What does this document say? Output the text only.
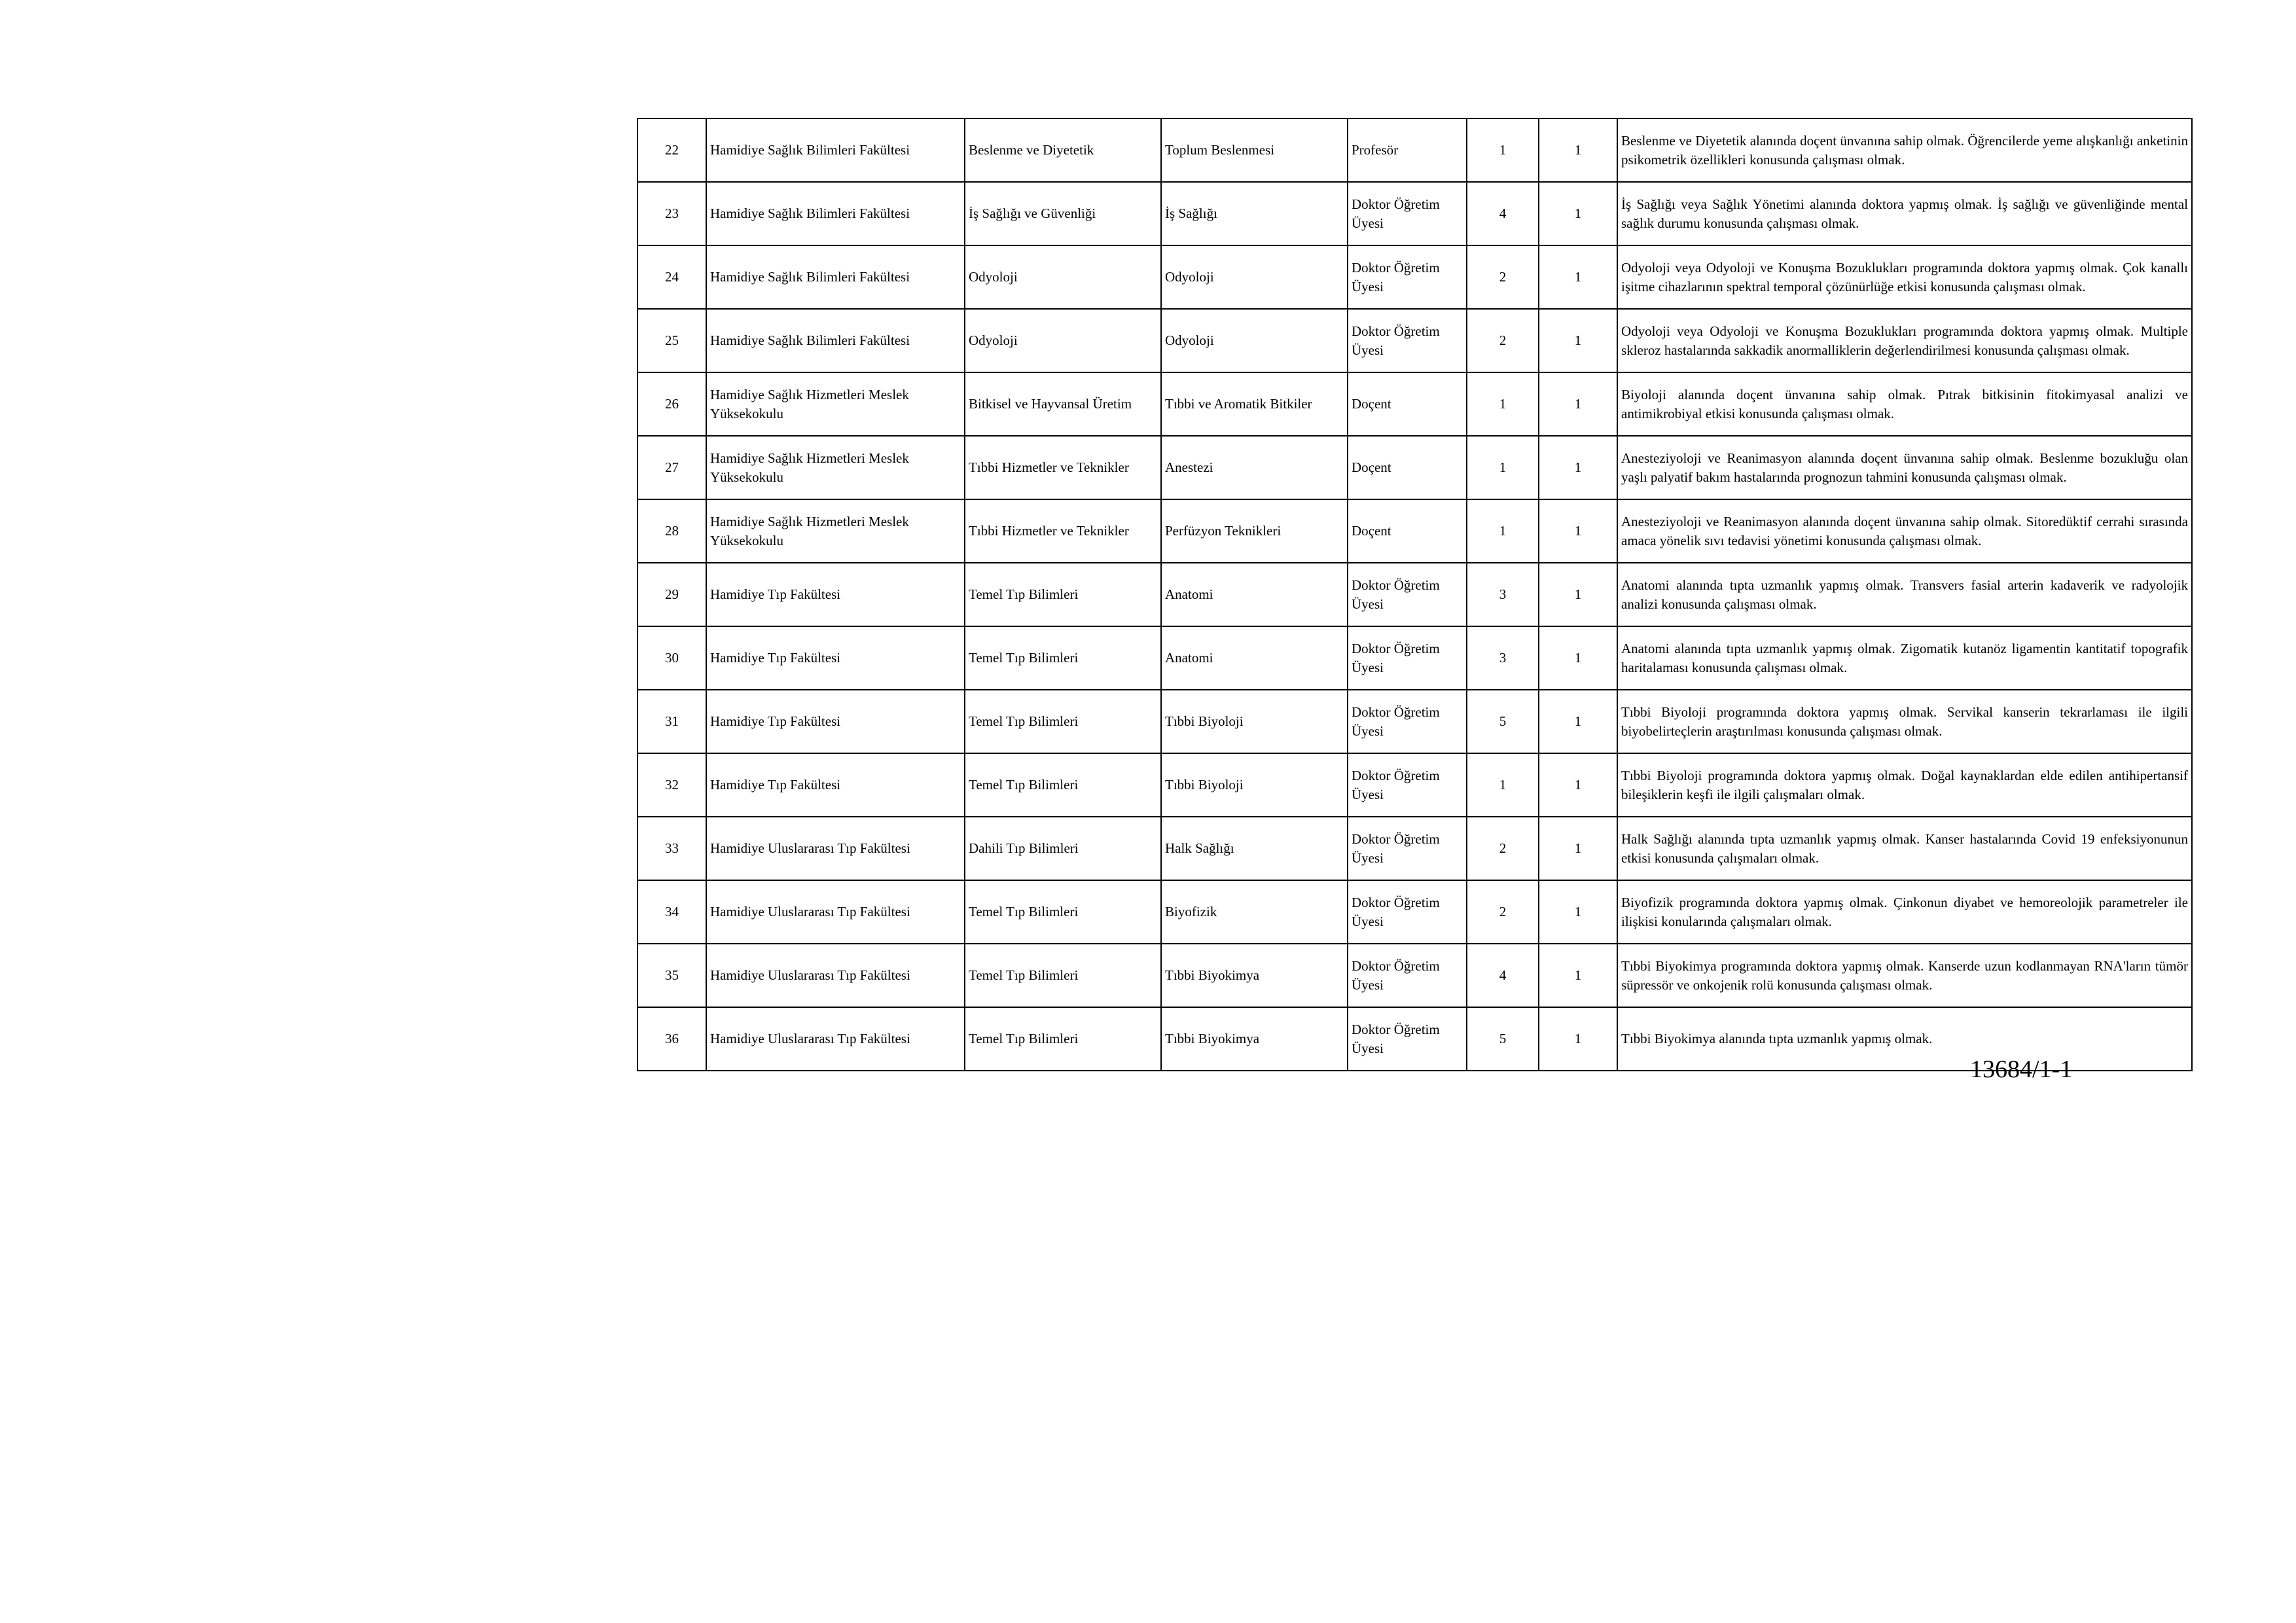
22	Hamidiye Sağlık Bilimleri Fakültesi	Beslenme ve Diyetetik	Toplum Beslenmesi	Profesör	1	1	Beslenme ve Diyetetik alanında doçent ünvanına sahip olmak. Öğrencilerde yeme alışkanlığı anketinin psikometrik özellikleri konusunda çalışması olmak.
23	Hamidiye Sağlık Bilimleri Fakültesi	İş Sağlığı ve Güvenliği	İş Sağlığı	Doktor Öğretim Üyesi	4	1	İş Sağlığı veya Sağlık Yönetimi alanında doktora yapmış olmak. İş sağlığı ve güvenliğinde mental sağlık durumu konusunda çalışması olmak.
24	Hamidiye Sağlık Bilimleri Fakültesi	Odyoloji	Odyoloji	Doktor Öğretim Üyesi	2	1	Odyoloji veya Odyoloji ve Konuşma Bozuklukları programında doktora yapmış olmak. Çok kanallı işitme cihazlarının spektral temporal çözünürlüğe etkisi konusunda çalışması olmak.
25	Hamidiye Sağlık Bilimleri Fakültesi	Odyoloji	Odyoloji	Doktor Öğretim Üyesi	2	1	Odyoloji veya Odyoloji ve Konuşma Bozuklukları programında doktora yapmış olmak. Multiple skleroz hastalarında sakkadik anormalliklerin değerlendirilmesi konusunda çalışması olmak.
26	Hamidiye Sağlık Hizmetleri Meslek Yüksekokulu	Bitkisel ve Hayvansal Üretim	Tıbbi ve Aromatik Bitkiler	Doçent	1	1	Biyoloji alanında doçent ünvanına sahip olmak. Pıtrak bitkisinin fitokimyasal analizi ve antimikrobiyal etkisi konusunda çalışması olmak.
27	Hamidiye Sağlık Hizmetleri Meslek Yüksekokulu	Tıbbi Hizmetler ve Teknikler	Anestezi	Doçent	1	1	Anesteziyoloji ve Reanimasyon alanında doçent ünvanına sahip olmak. Beslenme bozukluğu olan yaşlı palyatif bakım hastalarında prognozun tahmini konusunda çalışması olmak.
28	Hamidiye Sağlık Hizmetleri Meslek Yüksekokulu	Tıbbi Hizmetler ve Teknikler	Perfüzyon Teknikleri	Doçent	1	1	Anesteziyoloji ve Reanimasyon alanında doçent ünvanına sahip olmak. Sitoredüktif cerrahi sırasında amaca yönelik sıvı tedavisi yönetimi konusunda çalışması olmak.
29	Hamidiye Tıp Fakültesi	Temel Tıp Bilimleri	Anatomi	Doktor Öğretim Üyesi	3	1	Anatomi alanında tıpta uzmanlık yapmış olmak. Transvers fasial arterin kadaverik ve radyolojik analizi konusunda çalışması olmak.
30	Hamidiye Tıp Fakültesi	Temel Tıp Bilimleri	Anatomi	Doktor Öğretim Üyesi	3	1	Anatomi alanında tıpta uzmanlık yapmış olmak. Zigomatik kutanöz ligamentin kantitatif topografik haritalaması konusunda çalışması olmak.
31	Hamidiye Tıp Fakültesi	Temel Tıp Bilimleri	Tıbbi Biyoloji	Doktor Öğretim Üyesi	5	1	Tıbbi Biyoloji programında doktora yapmış olmak. Servikal kanserin tekrarlaması ile ilgili biyobelirteçlerin araştırılması konusunda çalışması olmak.
32	Hamidiye Tıp Fakültesi	Temel Tıp Bilimleri	Tıbbi Biyoloji	Doktor Öğretim Üyesi	1	1	Tıbbi Biyoloji programında doktora yapmış olmak. Doğal kaynaklardan elde edilen antihipertansif bileşiklerin keşfi ile ilgili çalışmaları olmak.
33	Hamidiye Uluslararası Tıp Fakültesi	Dahili Tıp Bilimleri	Halk Sağlığı	Doktor Öğretim Üyesi	2	1	Halk Sağlığı alanında tıpta uzmanlık yapmış olmak. Kanser hastalarında Covid 19 enfeksiyonunun etkisi konusunda çalışmaları olmak.
34	Hamidiye Uluslararası Tıp Fakültesi	Temel Tıp Bilimleri	Biyofizik	Doktor Öğretim Üyesi	2	1	Biyofizik programında doktora yapmış olmak. Çinkonun diyabet ve hemoreolojik parametreler ile ilişkisi konularında çalışmaları olmak.
35	Hamidiye Uluslararası Tıp Fakültesi	Temel Tıp Bilimleri	Tıbbi Biyokimya	Doktor Öğretim Üyesi	4	1	Tıbbi Biyokimya programında doktora yapmış olmak. Kanserde uzun kodlanmayan RNA'ların tümör süpressör ve onkojenik rolü konusunda çalışması olmak.
36	Hamidiye Uluslararası Tıp Fakültesi	Temel Tıp Bilimleri	Tıbbi Biyokimya	Doktor Öğretim Üyesi	5	1	Tıbbi Biyokimya alanında tıpta uzmanlık yapmış olmak.
13684/1-1
